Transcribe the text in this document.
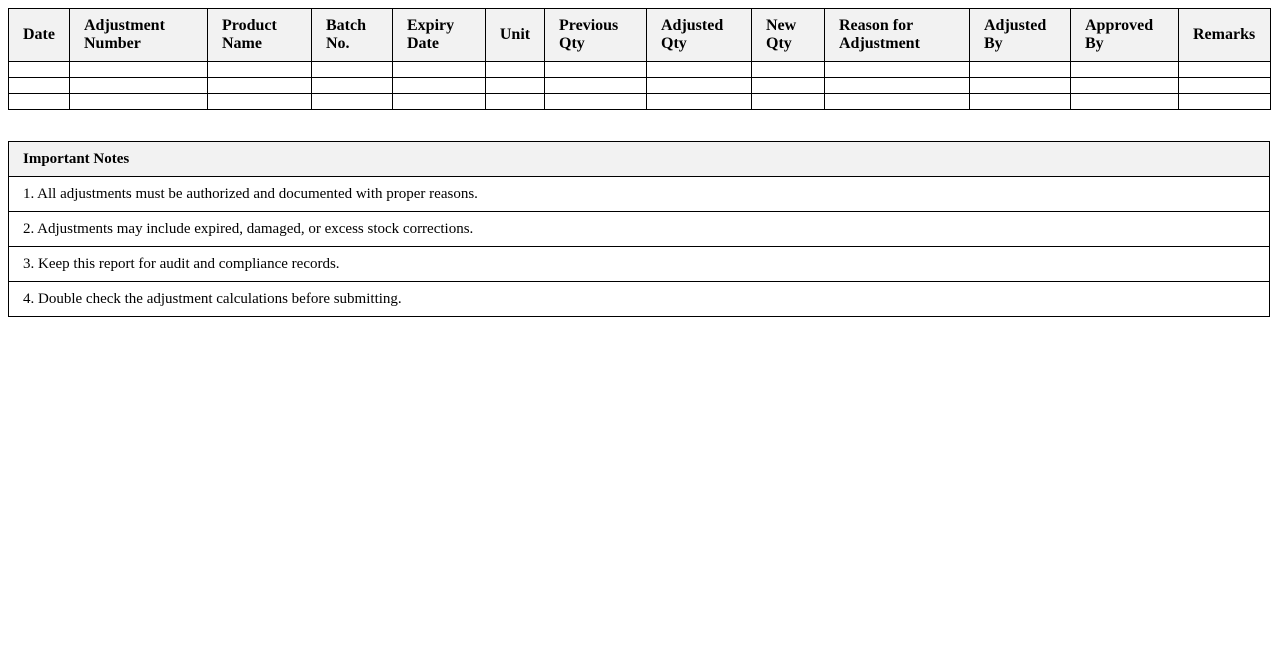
Date	Adjustment Number	Product Name	Batch No.	Expiry Date	Unit	Previous Qty	Adjusted Qty	New Qty	Reason for Adjustment	Adjusted By	Approved By	Remarks

Important Notes
1. All adjustments must be authorized and documented with proper reasons.
2. Adjustments may include expired, damaged, or excess stock corrections.
3. Keep this report for audit and compliance records.
4. Double check the adjustment calculations before submitting.
